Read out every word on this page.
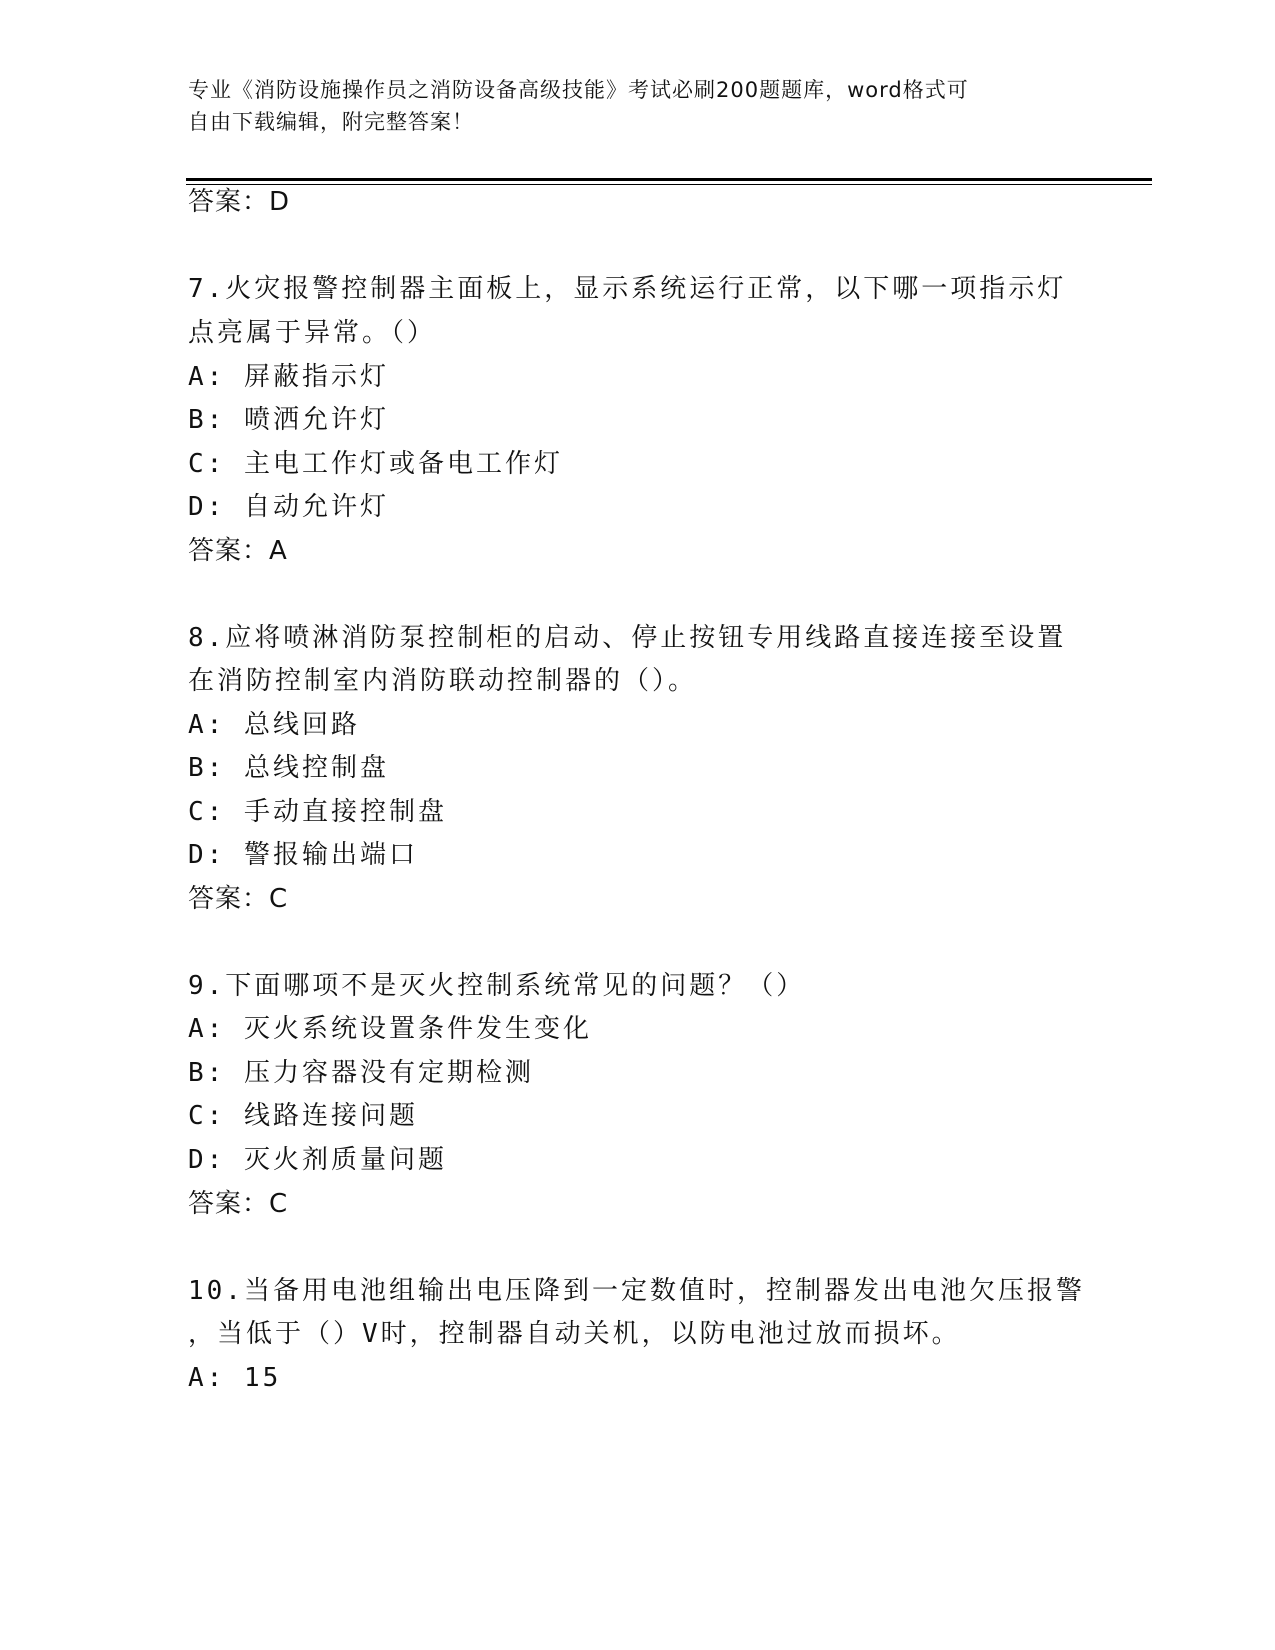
专业《消防设施操作员之消防设备高级技能》考试必刷200题题库，word格式可
自由下载编辑，附完整答案！
答案：D
7.火灾报警控制器主面板上，显示系统运行正常，以下哪一项指示灯
点亮属于异常。（）
A: 屏蔽指示灯
B: 喷洒允许灯
C: 主电工作灯或备电工作灯
D: 自动允许灯
答案：A
8.应将喷淋消防泵控制柜的启动、停止按钮专用线路直接连接至设置
在消防控制室内消防联动控制器的（）。
A: 总线回路
B: 总线控制盘
C: 手动直接控制盘
D: 警报输出端口
答案：C
9.下面哪项不是灭火控制系统常见的问题？（）
A: 灭火系统设置条件发生变化
B: 压力容器没有定期检测
C: 线路连接问题
D: 灭火剂质量问题
答案：C
10.当备用电池组输出电压降到一定数值时，控制器发出电池欠压报警
，当低于（）V时，控制器自动关机，以防电池过放而损坏。
A: 15
